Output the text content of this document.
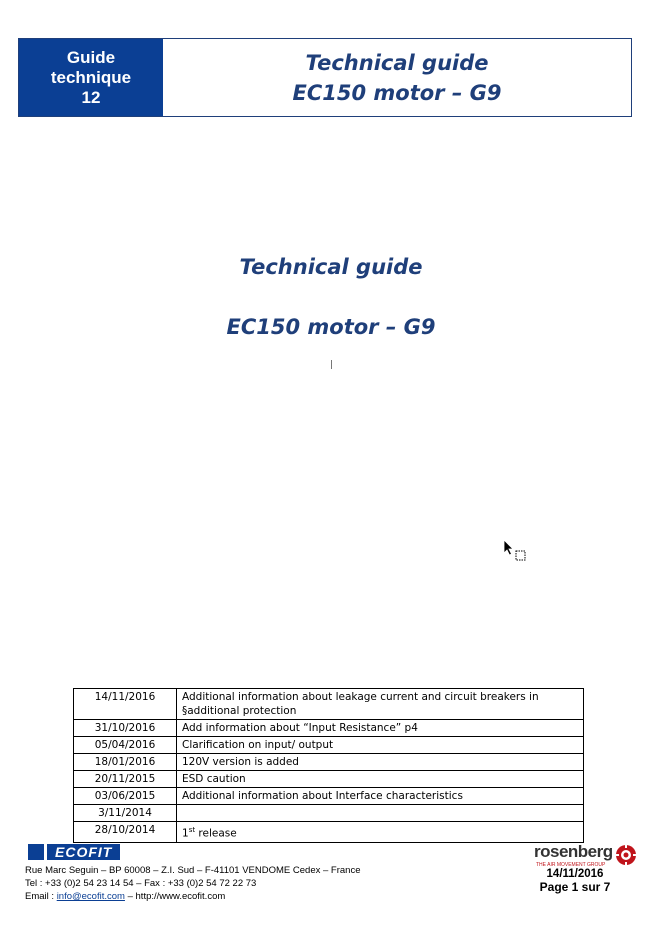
Guide
technique
12
Technical guide
EC150 motor – G9
Technical guide
EC150 motor – G9
14/11/2016	Additional information about leakage current and circuit breakers in §additional protection
31/10/2016	Add information about “Input Resistance” p4
05/04/2016	Clarification on input/ output
18/01/2016	120V version is added
20/11/2015	ESD caution
03/06/2015	Additional information about Interface characteristics
3/11/2014	
28/10/2014	1st release
ECOFIT
Rue Marc Seguin – BP 60008 – Z.I. Sud – F-41101 VENDOME Cedex – France
Tel : +33 (0)2 54 23 14 54 – Fax : +33 (0)2 54 72 22 73
Email : info@ecofit.com – http://www.ecofit.com
rosenberg
THE AIR MOVEMENT GROUP
14/11/2016
Page 1 sur 7
